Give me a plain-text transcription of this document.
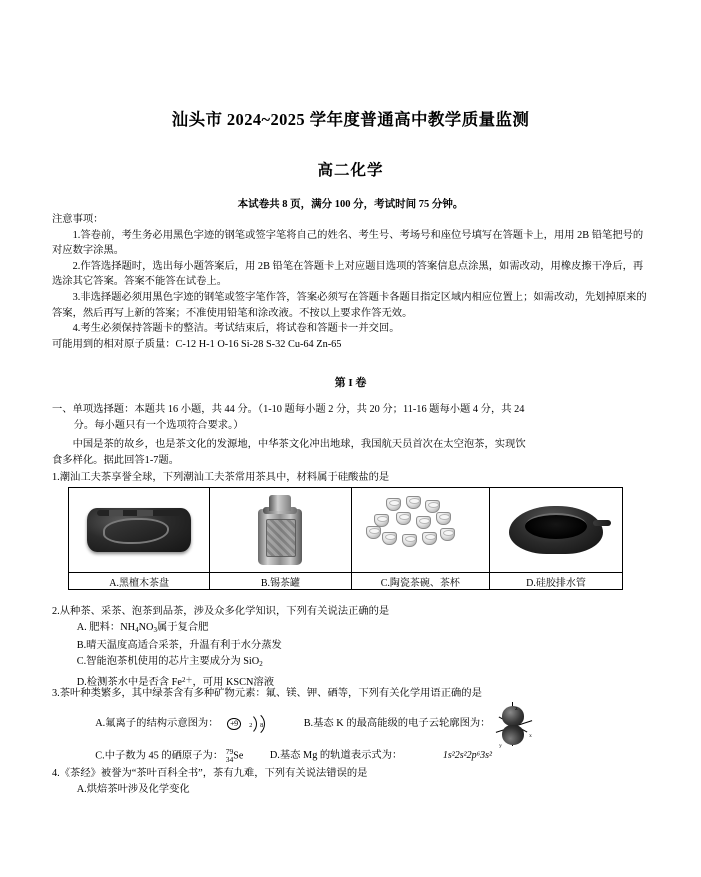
汕头市 2024~2025 学年度普通高中教学质量监测
高二化学
本试卷共 8 页，满分 100 分，考试时间 75 分钟。
注意事项：
1.答卷前，考生务必用黑色字迹的钢笔或签字笔将自己的姓名、考生号、考场号和座位号填写在答题卡上，用用 2B 铅笔把号的对应数字涂黑。
2.作答选择题时，选出每小题答案后，用 2B 铅笔在答题卡上对应题目选项的答案信息点涂黑，如需改动，用橡皮擦干净后，再选涂其它答案。答案不能答在试卷上。
3.非选择题必须用黑色字迹的钢笔或签字笔作答，答案必须写在答题卡各题目指定区域内相应位置上；如需改动，先划掉原来的答案，然后再写上新的答案；不准使用铅笔和涂改液。不按以上要求作答无效。
4.考生必须保持答题卡的整洁。考试结束后，将试卷和答题卡一并交回。
可能用到的相对原子质量：C-12 H-1 O-16 Si-28 S-32 Cu-64 Zn-65
第 I 卷
一、单项选择题：本题共 16 小题，共 44 分。（1-10 题每小题 2 分，共 20 分；11-16 题每小题 4 分，共 24
分。每小题只有一个选项符合要求。）
中国是茶的故乡，也是茶文化的发源地，中华茶文化冲出地球，我国航天员首次在太空泡茶，实现饮
食多样化。据此回答1-7题。
1.潮汕工夫茶享誉全球，下列潮汕工夫茶常用茶具中，材料属于硅酸盐的是

A.黑檀木茶盘	B.锡茶罐	C.陶瓷茶碗、茶杯	D.硅胶排水管
2.从种茶、采茶、泡茶到品茶，涉及众多化学知识，下列有关说法正确的是
A. 肥料：$NH_4NO_3$属于复合肥
B.晴天温度高适合采茶，升温有利于水分蒸发
C.智能泡茶机使用的芯片主要成分为 SiO$_2$
D.检测茶水中是否含 $Fe^{2+}$，可用 KSCN溶液
3.茶叶种类繁多，其中绿茶含有多种矿物元素：氟、镁、钾、硒等，下列有关化学用语正确的是
A.氟离子的结构示意图为：	+9	2 8	B.基态 K 的最高能级的电子云轮廓图为：
z
x
y
C.中子数为 45 的硒原子为： 79
34 Se	D.基态 Mg 的轨道表示式为：	1s²2s²2p⁶3s²
4.《茶经》被誉为“茶叶百科全书”，茶有九难，下列有关说法错误的是
A.烘焙茶叶涉及化学变化
